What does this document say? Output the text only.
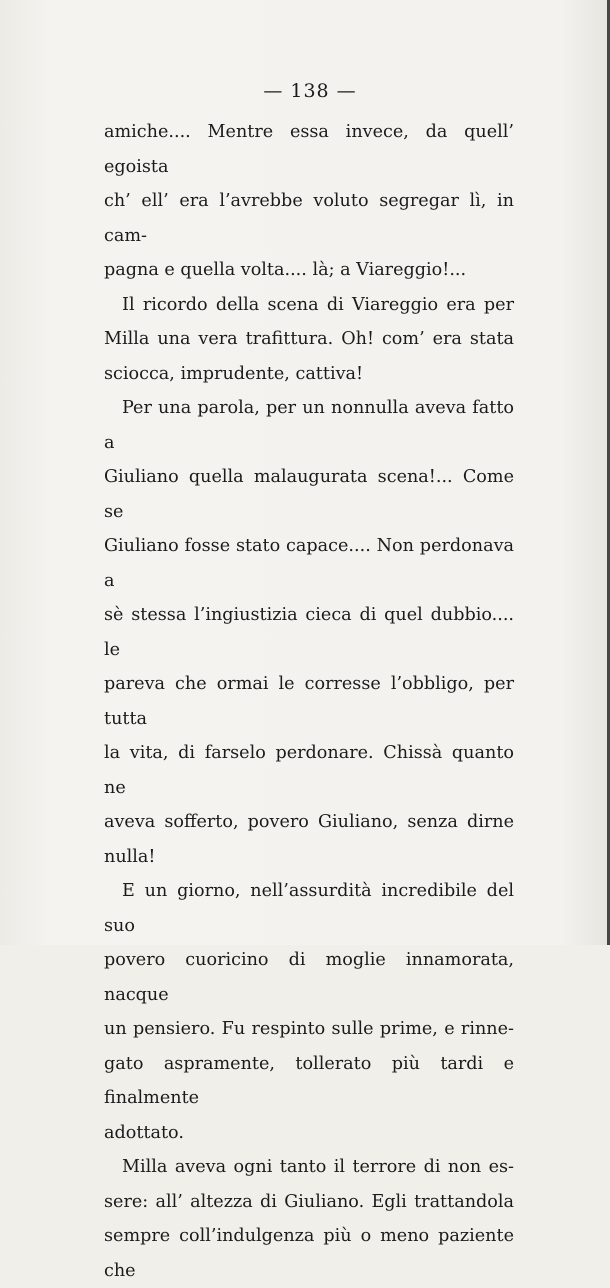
— 138 —

amiche.... Mentre essa invece, da quell’ egoista
ch’ ell’ era l’avrebbe voluto segregar lì, in cam-
pagna e quella volta.... là; a Viareggio!...

Il ricordo della scena di Viareggio era per
Milla una vera trafittura. Oh! com’ era stata
sciocca, imprudente, cattiva!

Per una parola, per un nonnulla aveva fatto a
Giuliano quella malaugurata scena!... Come se
Giuliano fosse stato capace.... Non perdonava a
sè stessa l’ingiustizia cieca di quel dubbio.... le
pareva che ormai le corresse l’obbligo, per tutta
la vita, di farselo perdonare. Chissà quanto ne
aveva sofferto, povero Giuliano, senza dirne nulla!

E un giorno, nell’assurdità incredibile del suo
povero cuoricino di moglie innamorata, nacque
un pensiero. Fu respinto sulle prime, e rinne-
gato aspramente, tollerato più tardi e finalmente
adottato.

Milla aveva ogni tanto il terrore di non es-
sere: all’ altezza di Giuliano. Egli trattandola
sempre coll’indulgenza più o meno paziente che
